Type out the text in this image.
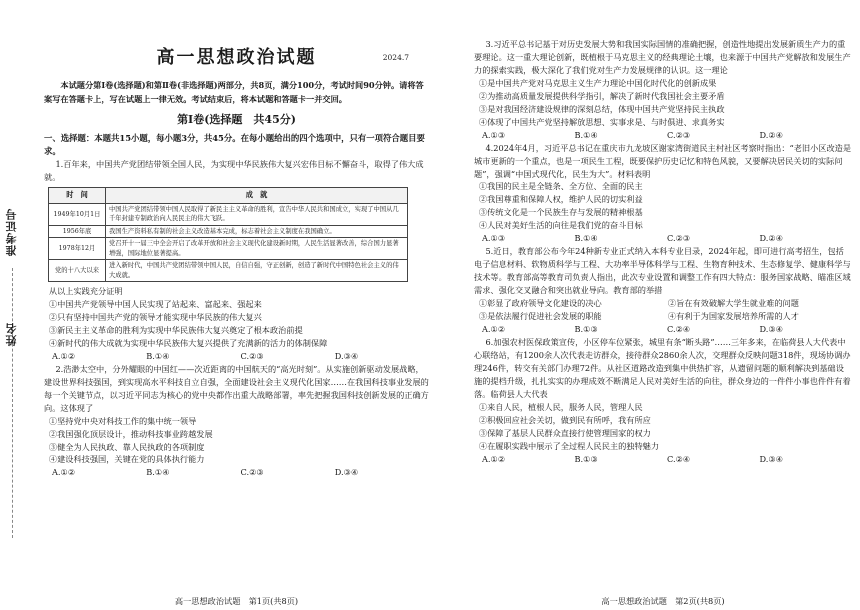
准考证号
姓名
高一思想政治试题	2024.7

本试题分第Ⅰ卷(选择题)和第Ⅱ卷(非选择题)两部分，共8页，满分100分，考试时间90分钟。请将答案写在答题卡上，写在试题上一律无效。考试结束后，将本试题和答题卡一并交回。

第Ⅰ卷(选择题　共45分)

一、选择题：本题共15小题，每小题3分，共45分。在每小题给出的四个选项中，只有一项符合题目要求。

1.百年来，中国共产党团结带领全国人民，为实现中华民族伟大复兴宏伟目标不懈奋斗，取得了伟大成就。

时　间	成　就
1949年10月1日	中国共产党团结带领中国人民取得了新民主主义革命的胜利，宣告中华人民共和国成立，实现了中国从几千年封建专制政治向人民民主的伟大飞跃。
1956年底	我国生产资料私有制的社会主义改造基本完成，标志着社会主义制度在我国确立。
1978年12月	党召开十一届三中全会开启了改革开放和社会主义现代化建设新时期，人民生活显著改善，综合国力显著增强，国际地位显著提高。
党的十八大以来	进入新时代，中国共产党团结带领中国人民，自信自强，守正创新，创造了新时代中国特色社会主义的伟大成就。

从以上实践充分证明

①中国共产党领导中国人民实现了站起来、富起来、强起来

②只有坚持中国共产党的领导才能实现中华民族的伟大复兴

③新民主主义革命的胜利为实现中华民族伟大复兴奠定了根本政治前提

④新时代的伟大成就为实现中华民族伟大复兴提供了充满新的活力的体制保障

A.①②	B.①④	C.②③	D.③④

2.浩渺太空中，分外耀眼的中国红——次近距离的中国航天的“高光时刻”。从实施创新驱动发展战略，建设世界科技强国，到实现高水平科技自立自强，全面建设社会主义现代化国家……在我国科技事业发展的每一个关键节点，以习近平同志为核心的党中央都作出重大战略部署，率先把握我国科技创新发展的正确方向。这体现了

①坚持党中央对科技工作的集中统一领导

②我国强化顶层设计，推动科技事业跨越发展

③健全为人民执政、靠人民执政的各项制度

④建设科技强国，关键在党的具体执行能力

A.①②	B.①④	C.②③	D.③④
高一思想政治试题　第1页(共8页)

3.习近平总书记基于对历史发展大势和我国实际国情的准确把握，创造性地提出发展新质生产力的重要理论。这一重大理论创新，既植根于马克思主义的经典理论土壤，也来源于中国共产党解放和发展生产力的探索实践，极大深化了我们党对生产力发展规律的认识。这一理论

①是中国共产党对马克思主义生产力理论中国化时代化的创新成果

②为推动高质量发展提供科学指引，解决了新时代我国社会主要矛盾

③是对我国经济建设规律的深刻总结，体现中国共产党坚持民主执政

④体现了中国共产党坚持解放思想、实事求是、与时俱进、求真务实

A.①③	B.①④	C.②③	D.②④

4.2024年4月，习近平总书记在重庆市九龙坡区谢家湾街道民主村社区考察时指出：“老旧小区改造是城市更新的一个重点，也是一项民生工程，既要保护历史记忆和特色风貌，又要解决居民关切的实际问题”，强调“中国式现代化，民生为大”。材料表明

①我国的民主是全链条、全方位、全面的民主

②我国尊重和保障人权，维护人民的切实利益

③传统文化是一个民族生存与发展的精神根基

④人民对美好生活的向往是我们党的奋斗目标

A.①③	B.①④	C.②③	D.②④

5.近日，教育部公布今年24种新专业正式纳入本科专业目录，2024年起，即可进行高考招生，包括电子信息材料、软物质科学与工程、大功率半导体科学与工程、生物育种技术、生态修复学、健康科学与技术等。教育部高等教育司负责人指出，此次专业设置和调整工作有四大特点：服务国家战略、瞄准区域需求、强化交叉融合和突出就业导向。教育部的举措

①彰显了政府领导文化建设的决心	②旨在有效破解大学生就业难的问题
③是依法履行促进社会发展的职能	④有利于为国家发展培养所需的人才
A.①②	B.①③	C.②④	D.③④

6.加强农村医保政策宣传，小区停车位紧张，城里有条“断头路”……三年多来，在临荷县人大代表中心联络站，有1200余人次代表走访群众，接待群众2860余人次，交理群众反映问题318件，现场协调办理246件，转交有关部门办理72件。从社区道路改造到集中供热扩容，从遗留问题的顺利解决到基础设施的提档升级，扎扎实实的办理成效不断满足人民对美好生活的向往，群众身边的一件件小事也件件有着落。临荷县人大代表

①来自人民，植根人民，服务人民，管理人民

②积极回应社会关切，做到民有所呼，我有所应

③保障了基层人民群众直接行使管理国家的权力

④在履职实践中展示了全过程人民民主的独特魅力

A.①②	B.①③	C.②④	D.③④
高一思想政治试题　第2页(共8页)
